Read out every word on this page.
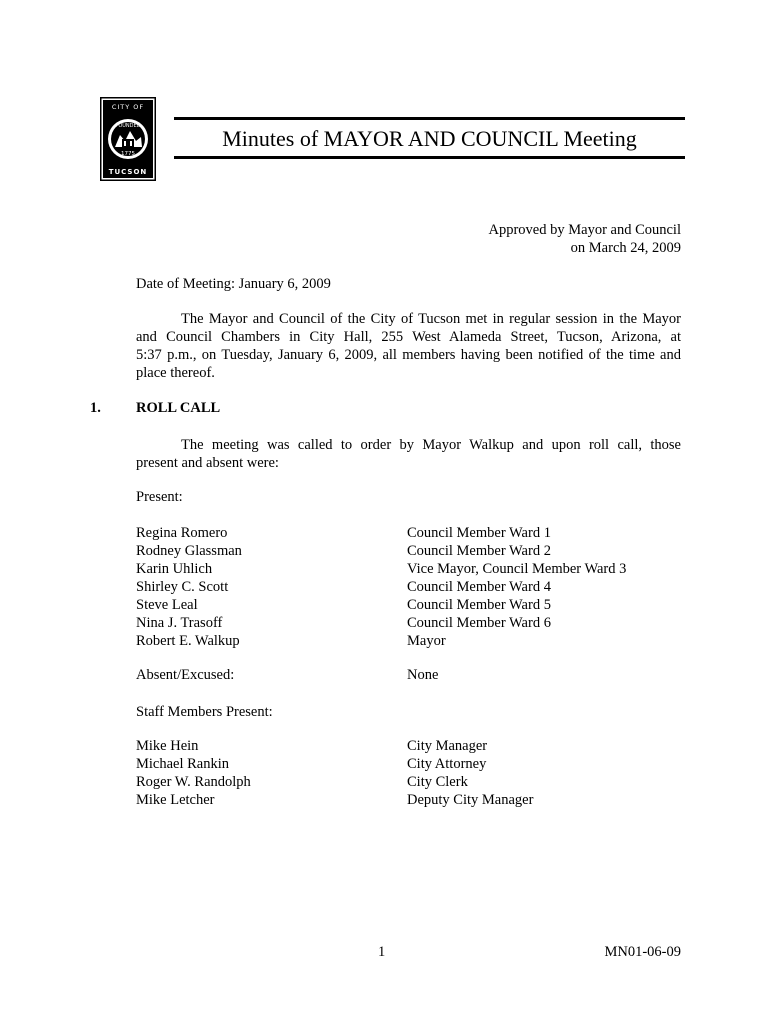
CITY OF
FOUNDED
1775
TUCSON
Minutes of MAYOR AND COUNCIL Meeting
Approved by Mayor and Council
on March 24, 2009
Date of Meeting: January 6, 2009
The Mayor and Council of the City of Tucson met in regular session in the Mayor
and Council Chambers in City Hall, 255 West Alameda Street, Tucson, Arizona, at
5:37 p.m., on Tuesday, January 6, 2009, all members having been notified of the time and
place thereof.
1. ROLL CALL
The meeting was called to order by Mayor Walkup and upon roll call, those
present and absent were:
Present:
Regina Romero	Council Member Ward 1
Rodney Glassman	Council Member Ward 2
Karin Uhlich	Vice Mayor, Council Member Ward 3
Shirley C. Scott	Council Member Ward 4
Steve Leal	Council Member Ward 5
Nina J. Trasoff	Council Member Ward 6
Robert E. Walkup	Mayor
Absent/Excused:	None
Staff Members Present:
Mike Hein	City Manager
Michael Rankin	City Attorney
Roger W. Randolph	City Clerk
Mike Letcher	Deputy City Manager
1	MN01-06-09
